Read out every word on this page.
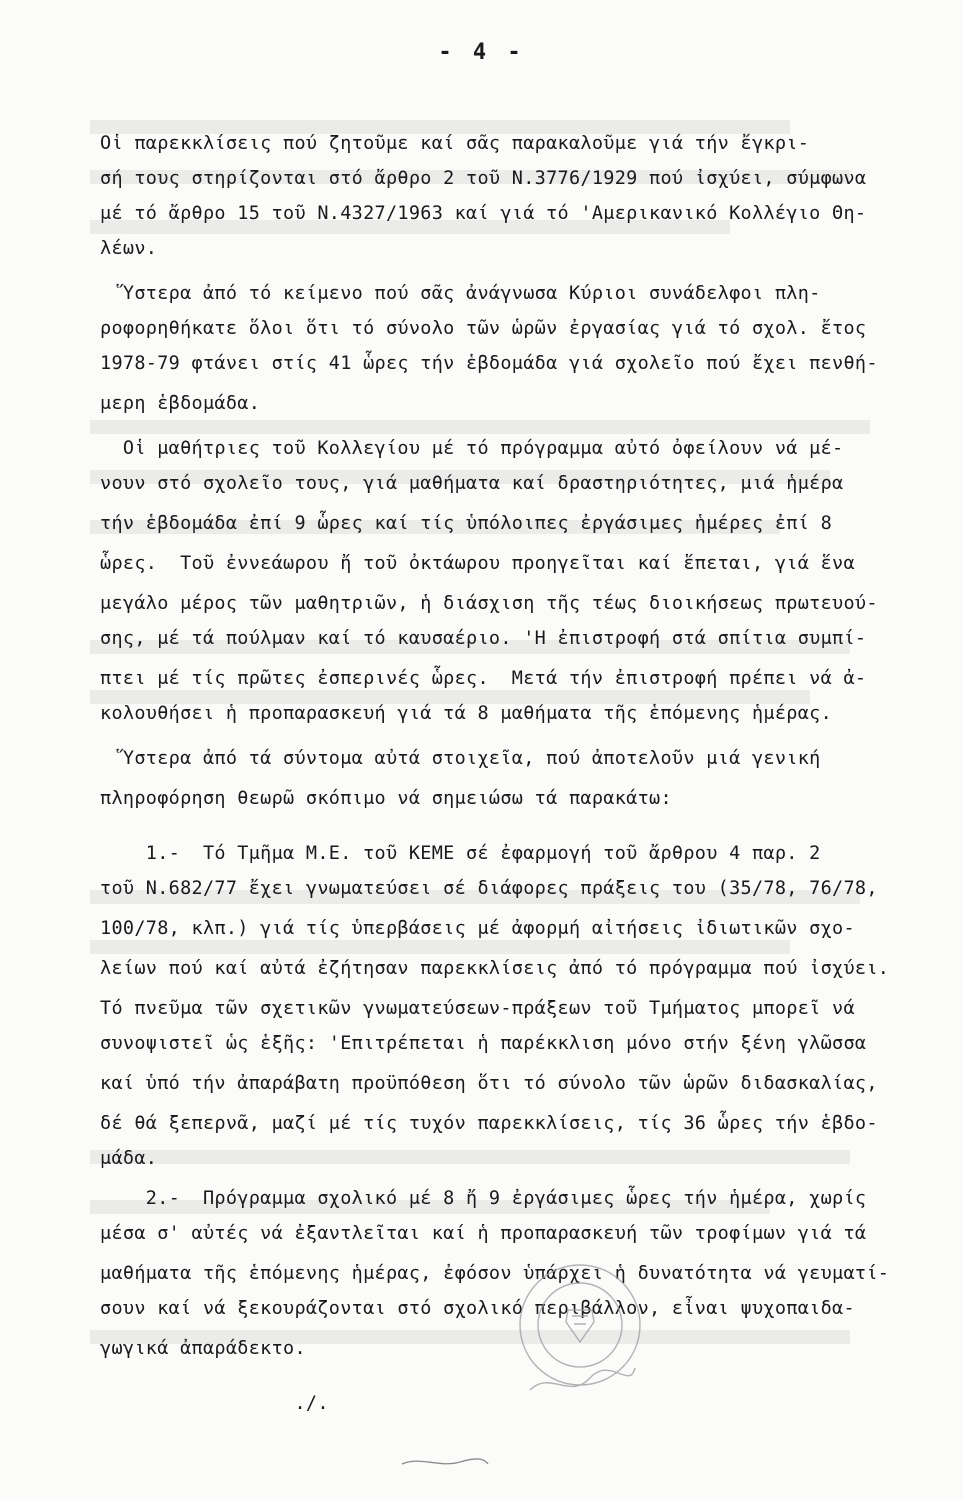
- 4 -
Οἱ παρεκκλίσεις πού ζητοῦμε καί σᾶς παρακαλοῦμε γιά τήν ἔγκρι-
σή τους στηρίζονται στό ἄρθρο 2 τοῦ Ν.3776/1929 πού ἰσχύει, σύμφωνα
μέ τό ἄρθρο 15 τοῦ Ν.4327/1963 καί γιά τό 'Αμερικανικό Κολλέγιο Θη-
λέων.
Ὕστερα ἀπό τό κείμενο πού σᾶς ἀνάγνωσα Κύριοι συνάδελφοι πλη-
ροφορηθήκατε ὅλοι ὅτι τό σύνολο τῶν ὡρῶν ἐργασίας γιά τό σχολ. ἔτος
1978-79 φτάνει στίς 41 ὧρες τήν ἑβδομάδα γιά σχολεῖο πού ἔχει πενθή-
μερη ἑβδομάδα.
Οἱ μαθήτριες τοῦ Κολλεγίου μέ τό πρόγραμμα αὐτό ὀφείλουν νά μέ-
νουν στό σχολεῖο τους, γιά μαθήματα καί δραστηριότητες, μιά ἡμέρα
τήν ἑβδομάδα ἐπί 9 ὧρες καί τίς ὑπόλοιπες ἐργάσιμες ἡμέρες ἐπί 8
ὧρες.  Τοῦ ἐννεάωρου ἤ τοῦ ὀκτάωρου προηγεῖται καί ἕπεται, γιά ἕνα
μεγάλο μέρος τῶν μαθητριῶν, ἡ διάσχιση τῆς τέως διοικήσεως πρωτευού-
σης, μέ τά πούλμαν καί τό καυσαέριο. 'Η ἐπιστροφή στά σπίτια συμπί-
πτει μέ τίς πρῶτες ἐσπερινές ὧρες.  Μετά τήν ἐπιστροφή πρέπει νά ἀ-
κολουθήσει ἡ προπαρασκευή γιά τά 8 μαθήματα τῆς ἑπόμενης ἡμέρας.
Ὕστερα ἀπό τά σύντομα αὐτά στοιχεῖα, πού ἀποτελοῦν μιά γενική
πληροφόρηση θεωρῶ σκόπιμο νά σημειώσω τά παρακάτω:
1.-  Τό Τμῆμα Μ.Ε. τοῦ ΚΕΜΕ σέ ἐφαρμογή τοῦ ἄρθρου 4 παρ. 2
τοῦ Ν.682/77 ἔχει γνωματεύσει σέ διάφορες πράξεις του (35/78, 76/78,
100/78, κλπ.) γιά τίς ὑπερβάσεις μέ ἀφορμή αἰτήσεις ἰδιωτικῶν σχο-
λείων πού καί αὐτά ἐζήτησαν παρεκκλίσεις ἀπό τό πρόγραμμα πού ἰσχύει.
Τό πνεῦμα τῶν σχετικῶν γνωματεύσεων-πράξεων τοῦ Τμήματος μπορεῖ νά
συνοψιστεῖ ὡς ἑξῆς: 'Επιτρέπεται ἡ παρέκκλιση μόνο στήν ξένη γλῶσσα
καί ὑπό τήν ἀπαράβατη προϋπόθεση ὅτι τό σύνολο τῶν ὡρῶν διδασκαλίας,
δέ θά ξεπερνᾶ, μαζί μέ τίς τυχόν παρεκκλίσεις, τίς 36 ὧρες τήν ἑβδο-
μάδα.
2.-  Πρόγραμμα σχολικό μέ 8 ἤ 9 ἐργάσιμες ὧρες τήν ἡμέρα, χωρίς
μέσα σ' αὐτές νά ἐξαντλεῖται καί ἡ προπαρασκευή τῶν τροφίμων γιά τά
μαθήματα τῆς ἑπόμενης ἡμέρας, ἐφόσον ὑπάρχει ἡ δυνατότητα νά γευματί-
σουν καί νά ξεκουράζονται στό σχολικό περιβάλλον, εἶναι ψυχοπαιδα-
γωγικά ἀπαράδεκτο.
./.
